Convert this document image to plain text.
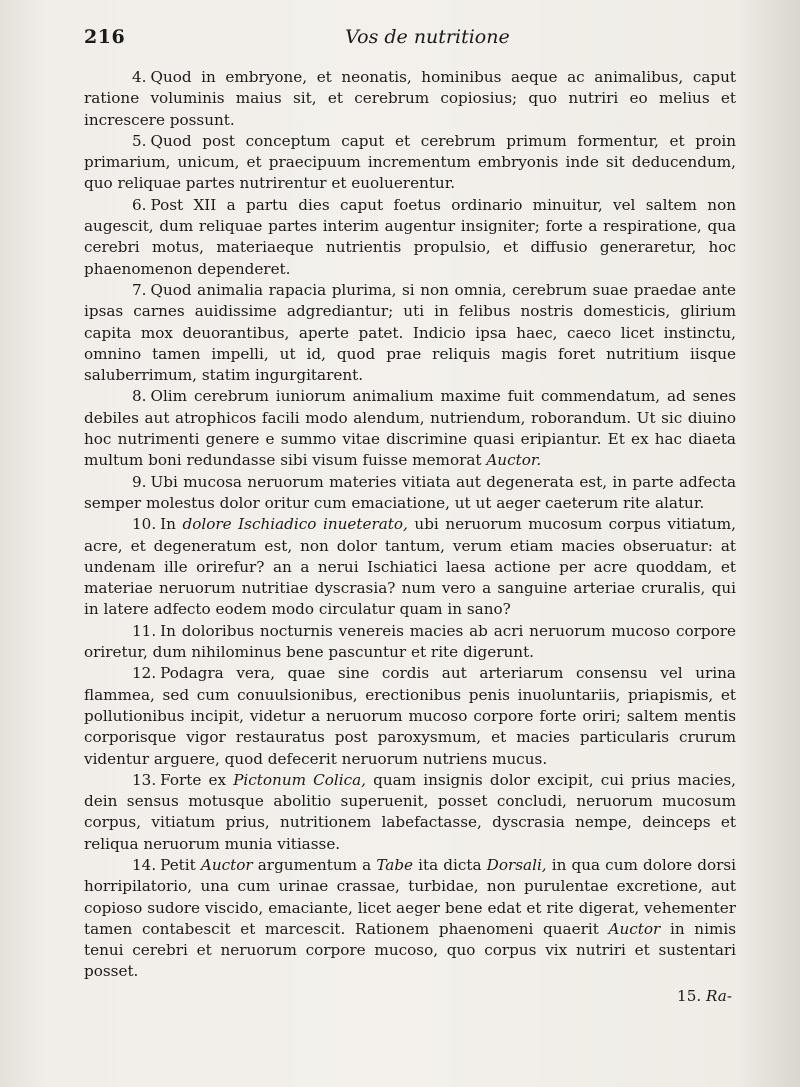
216	Vos de nutritione

4. Quod in embryone, et neonatis, hominibus aeque ac animalibus, caput ratione voluminis maius sit, et cerebrum copiosius; quo nutriri eo melius et increscere possunt.

5. Quod post conceptum caput et cerebrum primum formentur, et proin primarium, unicum, et praecipuum incrementum embryonis inde sit deducendum, quo reliquae partes nutrirentur et euoluerentur.

6. Post XII a partu dies caput foetus ordinario minuitur, vel saltem non augescit, dum reliquae partes interim augentur insigniter; forte a respiratione, qua cerebri motus, materiaeque nutrientis propulsio, et diffusio generaretur, hoc phaenomenon dependeret.

7. Quod animalia rapacia plurima, si non omnia, cerebrum suae praedae ante ipsas carnes auidissime adgrediantur; uti in felibus nostris domesticis, glirium capita mox deuorantibus, aperte patet. Indicio ipsa haec, caeco licet instinctu, omnino tamen impelli, ut id, quod prae reliquis magis foret nutritium iisque saluberrimum, statim ingurgitarent.

8. Olim cerebrum iuniorum animalium maxime fuit commendatum, ad senes debiles aut atrophicos facili modo alendum, nutriendum, roborandum. Ut sic diuino hoc nutrimenti genere e summo vitae discrimine quasi eripiantur. Et ex hac diaeta multum boni redundasse sibi visum fuisse memorat Auctor.

9. Ubi mucosa neruorum materies vitiata aut degenerata est, in parte adfecta semper molestus dolor oritur cum emaciatione, ut ut aeger caeterum rite alatur.

10. In dolore Ischiadico inueterato, ubi neruorum mucosum corpus vitiatum, acre, et degeneratum est, non dolor tantum, verum etiam macies obseruatur: at undenam ille orirefur? an a nerui Ischiatici laesa actione per acre quoddam, et materiae neruorum nutritiae dyscrasia? num vero a sanguine arteriae cruralis, qui in latere adfecto eodem modo circulatur quam in sano?

11. In doloribus nocturnis venereis macies ab acri neruorum mucoso corpore oriretur, dum nihilominus bene pascuntur et rite digerunt.

12. Podagra vera, quae sine cordis aut arteriarum consensu vel urina flammea, sed cum conuulsionibus, erectionibus penis inuoluntariis, priapismis, et pollutionibus incipit, videtur a neruorum mucoso corpore forte oriri; saltem mentis corporisque vigor restauratus post paroxysmum, et macies particularis crurum videntur arguere, quod defecerit neruorum nutriens mucus.

13. Forte ex Pictonum Colica, quam insignis dolor excipit, cui prius macies, dein sensus motusque abolitio superuenit, posset concludi, neruorum mucosum corpus, vitiatum prius, nutritionem labefactasse, dyscrasia nempe, deinceps et reliqua neruorum munia vitiasse.

14. Petit Auctor argumentum a Tabe ita dicta Dorsali, in qua cum dolore dorsi horripilatorio, una cum urinae crassae, turbidae, non purulentae excretione, aut copioso sudore viscido, emaciante, licet aeger bene edat et rite digerat, vehementer tamen contabescit et marcescit. Rationem phaenomeni quaerit Auctor in nimis tenui cerebri et neruorum corpore mucoso, quo corpus vix nutriri et sustentari posset.

15. Ra-
